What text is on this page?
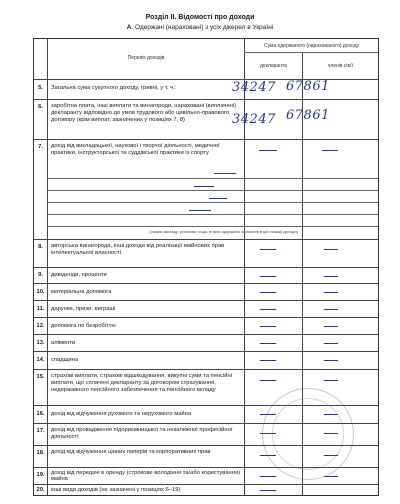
Розділ ІІ. Відомості про доходи
А. Одержані (нараховані) з усіх джерел в Україні
Перелік доходів
Сума одержаного (нарахованого) доходу
декларанта	членів сім'ї
5.	Загальна сума сукупного доходу, гривні, у т. ч.:	34247 67861
6.	заробітна плата, інші виплати та винагороди, нараховані (виплачені) декларанту відповідно до умов трудового або цивільно-правового договору (крім виплат, зазначених у позиціях 7, 8)	34247 67861
7.	дохід від викладацької, наукової і творчої діяльності, медичної практики, інструкторської та суддівської практики із спорту
(назва закладу, установи тощо, в яких одержано зазначені в цій позиції доходи)
8.	авторська винагорода, інші доходи від реалізації майнових прав інтелектуальної власності
9.	дивіденди, проценти
10.	матеріальна допомога
11.	дарунки, призи, виграші
12.	допомога по безробіттю
13.	аліменти
14.	спадщина
15.	страхові виплати, страхові відшкодування, викупні суми та пенсійні виплати, що сплачені декларанту за договором страхування, недержавного пенсійного забезпечення та пенсійного вкладу
16.	дохід від відчуження рухомого та нерухомого майна
17.	дохід від провадження підприємницької та незалежної професійної діяльності
18.	дохід від відчуження цінних паперів та корпоративних прав
19.	дохід від передачі в оренду (строкове володіння та/або користування) майна
20.	інші види доходів (не зазначені у позиціях 6–19)
